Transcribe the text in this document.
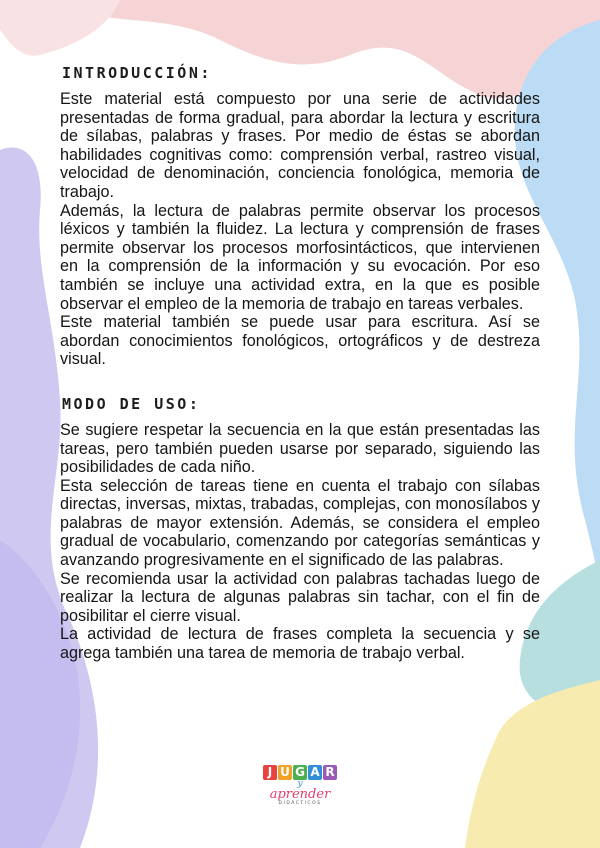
INTRODUCCIÓN:

Este material está compuesto por una serie de actividades presentadas de forma gradual, para abordar la lectura y escritura de sílabas, palabras y frases. Por medio de éstas se abordan habilidades cognitivas como: comprensión verbal, rastreo visual, velocidad de denominación, conciencia fonológica, memoria de trabajo.

Además, la lectura de palabras permite observar los procesos léxicos y también la fluidez. La lectura y comprensión de frases permite observar los procesos morfosintácticos, que intervienen en la comprensión de la información y su evocación. Por eso también se incluye una actividad extra, en la que es posible observar el empleo de la memoria de trabajo en tareas verbales.

Este material también se puede usar para escritura. Así se abordan conocimientos fonológicos, ortográficos y de destreza visual.

MODO DE USO:

Se sugiere respetar la secuencia en la que están presentadas las tareas, pero también pueden usarse por separado, siguiendo las posibilidades de cada niño.

Esta selección de tareas tiene en cuenta el trabajo con sílabas directas, inversas, mixtas, trabadas, complejas, con monosílabos y palabras de mayor extensión. Además, se considera el empleo gradual de vocabulario, comenzando por categorías semánticas y avanzando progresivamente en el significado de las palabras.

Se recomienda usar la actividad con palabras tachadas luego de realizar la lectura de algunas palabras sin tachar, con el fin de posibilitar el cierre visual.

La actividad de lectura de frases completa la secuencia y se agrega también una tarea de memoria de trabajo verbal.

J U G A R
y
aprender
DIDÁCTICOS
